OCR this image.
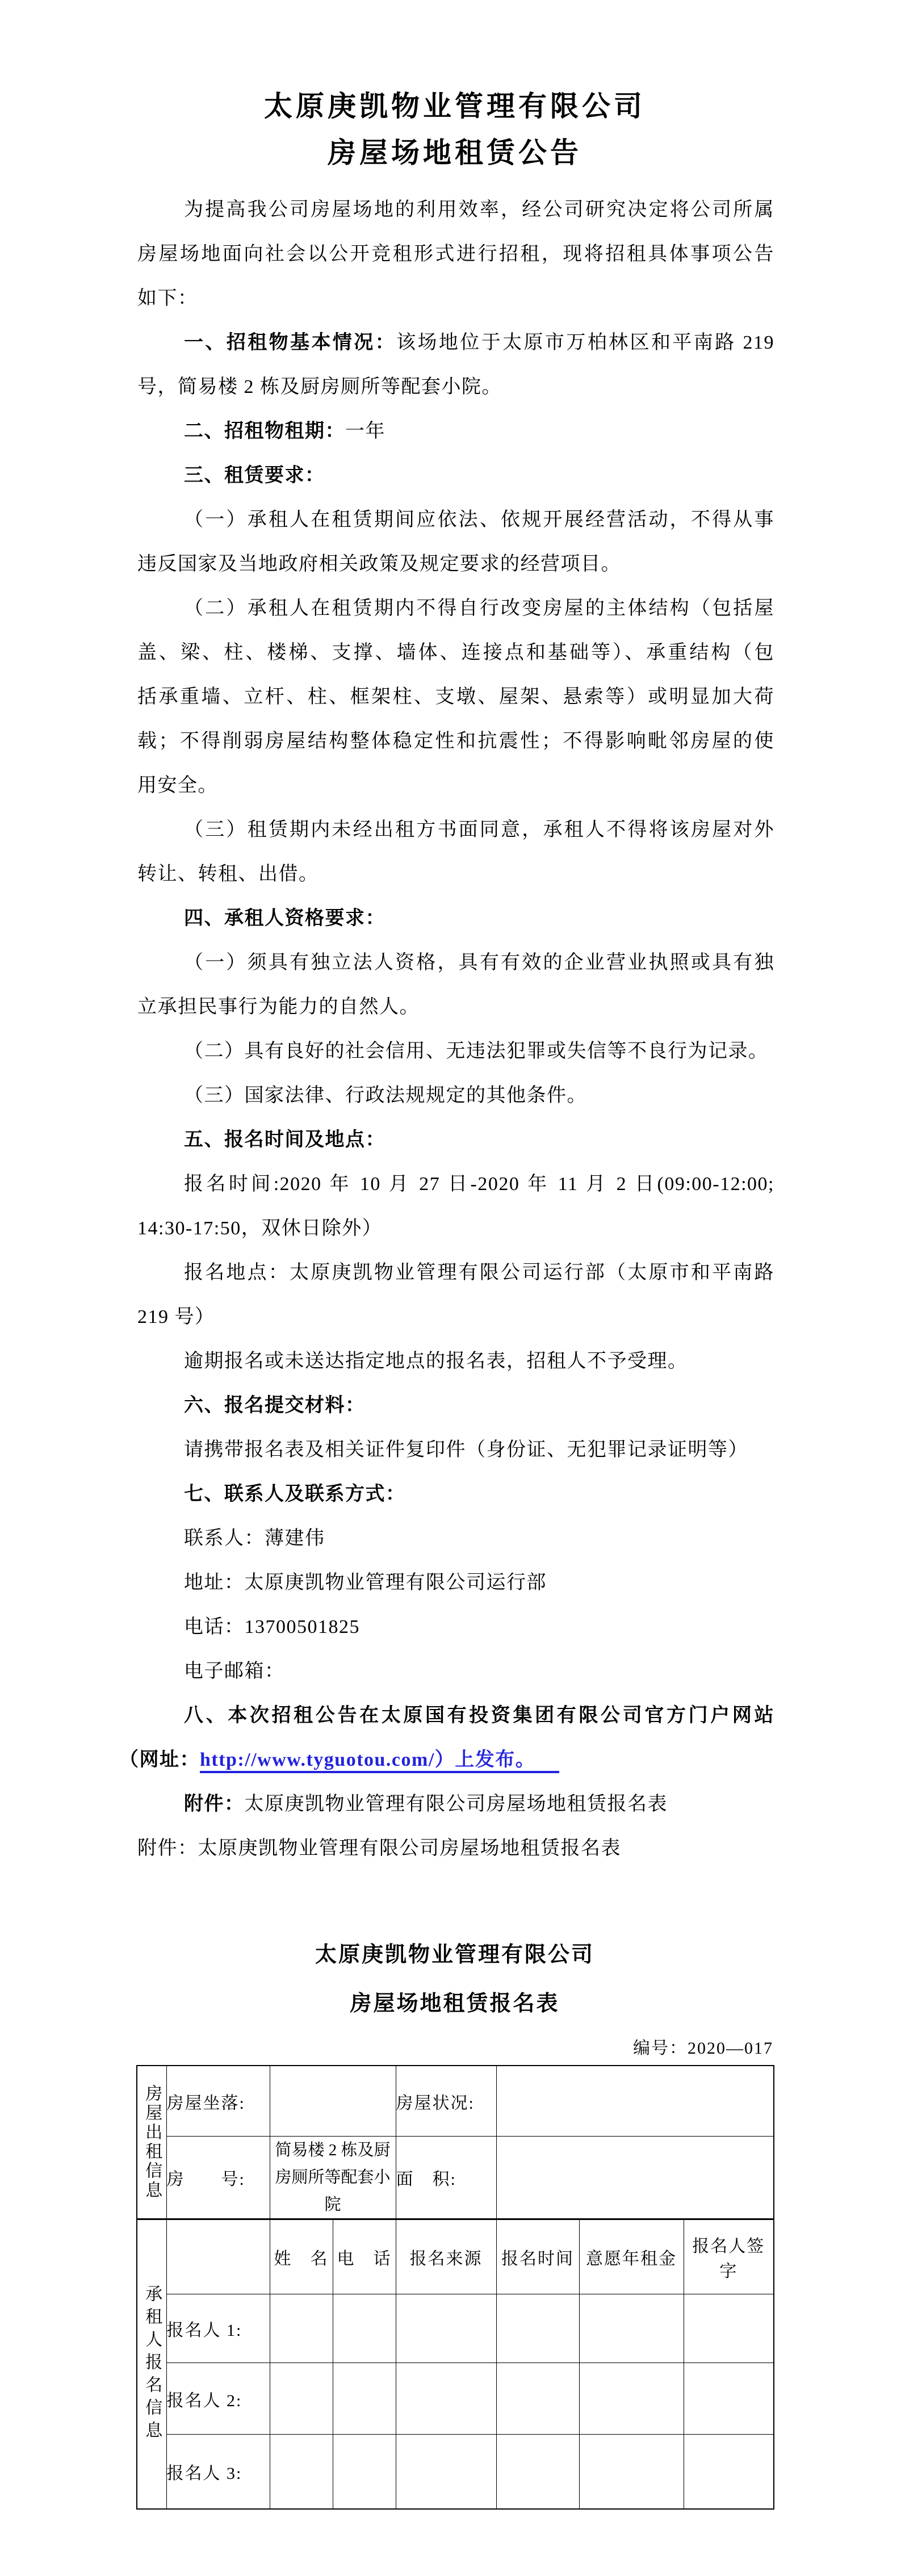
太原庚凯物业管理有限公司
房屋场地租赁公告
为提高我公司房屋场地的利用效率，经公司研究决定将公司所属
房屋场地面向社会以公开竞租形式进行招租，现将招租具体事项公告
如下：
一、招租物基本情况：该场地位于太原市万柏林区和平南路 219
号，简易楼 2 栋及厨房厕所等配套小院。
二、招租物租期：一年
三、租赁要求：
（一）承租人在租赁期间应依法、依规开展经营活动，不得从事
违反国家及当地政府相关政策及规定要求的经营项目。
（二）承租人在租赁期内不得自行改变房屋的主体结构（包括屋
盖、梁、柱、楼梯、支撑、墙体、连接点和基础等）、承重结构（包
括承重墙、立杆、柱、框架柱、支墩、屋架、悬索等）或明显加大荷
载；不得削弱房屋结构整体稳定性和抗震性；不得影响毗邻房屋的使
用安全。
（三）租赁期内未经出租方书面同意，承租人不得将该房屋对外
转让、转租、出借。
四、承租人资格要求：
（一）须具有独立法人资格，具有有效的企业营业执照或具有独
立承担民事行为能力的自然人。
（二）具有良好的社会信用、无违法犯罪或失信等不良行为记录。
（三）国家法律、行政法规规定的其他条件。
五、报名时间及地点：
报名时间:2020 年 10 月 27 日-2020 年 11 月 2 日(09:00-12:00;
14:30-17:50，双休日除外）
报名地点：太原庚凯物业管理有限公司运行部（太原市和平南路
219 号）
逾期报名或未送达指定地点的报名表，招租人不予受理。
六、报名提交材料：
请携带报名表及相关证件复印件（身份证、无犯罪记录证明等）
七、联系人及联系方式：
联系人：薄建伟
地址：太原庚凯物业管理有限公司运行部
电话：13700501825
电子邮箱：
八、本次招租公告在太原国有投资集团有限公司官方门户网站
（网址：http://www.tyguotou.com/）上发布。
附件：太原庚凯物业管理有限公司房屋场地租赁报名表
附件：太原庚凯物业管理有限公司房屋场地租赁报名表
太原庚凯物业管理有限公司
房屋场地租赁报名表
编号：2020—017
房屋出租信息	房屋坐落:			房屋状况:			
	房　　号:	简易楼 2 栋及厨房厕所等配套小院		面　积:			

承租人报名信息		姓　名	电　话	报名来源	报名时间	意愿年租金	报名人签字
	报名人 1:						
	报名人 2:						
	报名人 3:						
